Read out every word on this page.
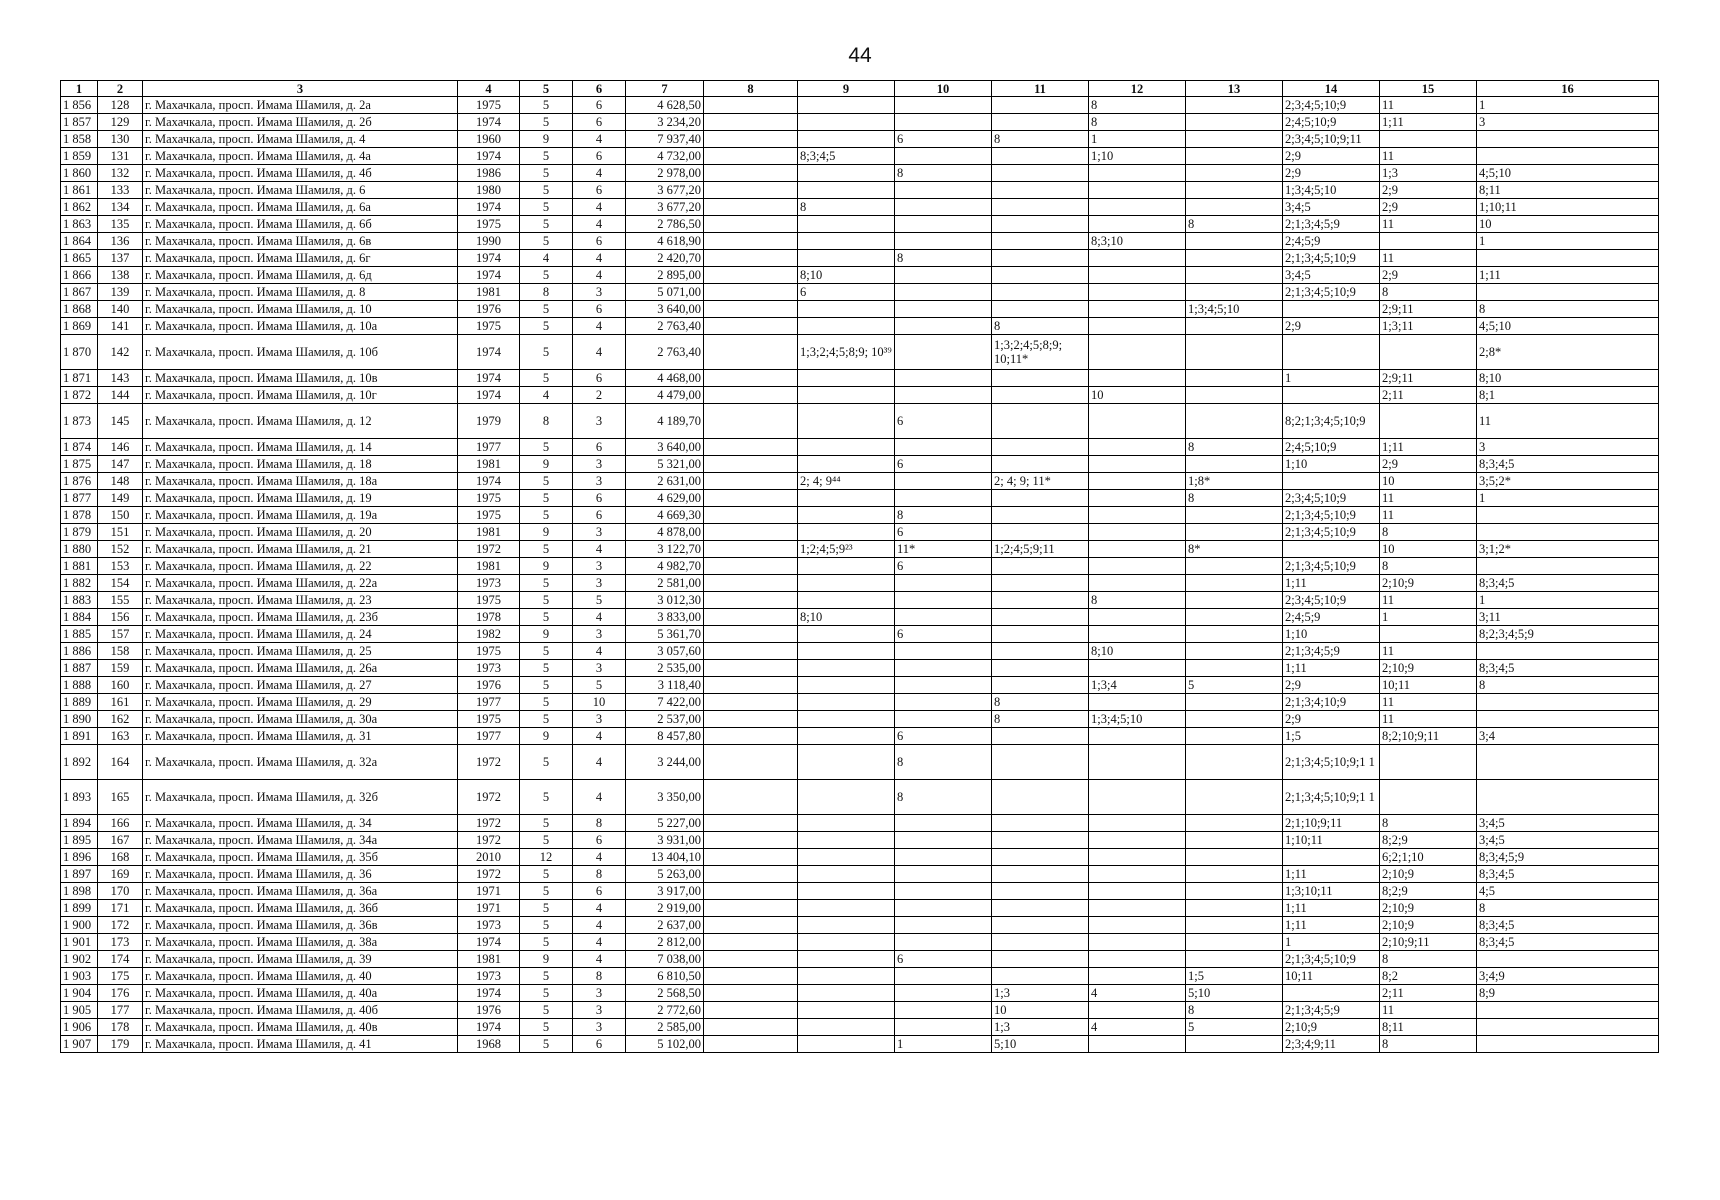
44
1	2	3	4	5	6	7	8	9	10	11	12	13	14	15	16
1 856	128	г. Махачкала, просп. Имама Шамиля, д. 2а	1975	5	6	4 628,50					8		2;3;4;5;10;9	11	1
1 857	129	г. Махачкала, просп. Имама Шамиля, д. 2б	1974	5	6	3 234,20					8		2;4;5;10;9	1;11	3
1 858	130	г. Махачкала, просп. Имама Шамиля, д. 4	1960	9	4	7 937,40			6	8	1		2;3;4;5;10;9;11		
1 859	131	г. Махачкала, просп. Имама Шамиля, д. 4а	1974	5	6	4 732,00		8;3;4;5			1;10		2;9	11	
1 860	132	г. Махачкала, просп. Имама Шамиля, д. 4б	1986	5	4	2 978,00			8				2;9	1;3	4;5;10
1 861	133	г. Махачкала, просп. Имама Шамиля, д. 6	1980	5	6	3 677,20							1;3;4;5;10	2;9	8;11
1 862	134	г. Махачкала, просп. Имама Шамиля, д. 6а	1974	5	4	3 677,20		8					3;4;5	2;9	1;10;11
1 863	135	г. Махачкала, просп. Имама Шамиля, д. 6б	1975	5	4	2 786,50						8	2;1;3;4;5;9	11	10
1 864	136	г. Махачкала, просп. Имама Шамиля, д. 6в	1990	5	6	4 618,90					8;3;10		2;4;5;9		1
1 865	137	г. Махачкала, просп. Имама Шамиля, д. 6г	1974	4	4	2 420,70			8				2;1;3;4;5;10;9	11	
1 866	138	г. Махачкала, просп. Имама Шамиля, д. 6д	1974	5	4	2 895,00		8;10					3;4;5	2;9	1;11
1 867	139	г. Махачкала, просп. Имама Шамиля, д. 8	1981	8	3	5 071,00		6					2;1;3;4;5;10;9	8	
1 868	140	г. Махачкала, просп. Имама Шамиля, д. 10	1976	5	6	3 640,00						1;3;4;5;10		2;9;11	8
1 869	141	г. Махачкала, просп. Имама Шамиля, д. 10а	1975	5	4	2 763,40				8			2;9	1;3;11	4;5;10
1 870	142	г. Махачкала, просп. Имама Шамиля, д. 10б	1974	5	4	2 763,40		1;3;2;4;5;8;9; 10³⁹		1;3;2;4;5;8;9; 10;11*					2;8*
1 871	143	г. Махачкала, просп. Имама Шамиля, д. 10в	1974	5	6	4 468,00							1	2;9;11	8;10
1 872	144	г. Махачкала, просп. Имама Шамиля, д. 10г	1974	4	2	4 479,00					10			2;11	8;1
1 873	145	г. Махачкала, просп. Имама Шамиля, д. 12	1979	8	3	4 189,70			6				8;2;1;3;4;5;10;9		11
1 874	146	г. Махачкала, просп. Имама Шамиля, д. 14	1977	5	6	3 640,00						8	2;4;5;10;9	1;11	3
1 875	147	г. Махачкала, просп. Имама Шамиля, д. 18	1981	9	3	5 321,00			6				1;10	2;9	8;3;4;5
1 876	148	г. Махачкала, просп. Имама Шамиля, д. 18а	1974	5	3	2 631,00		2; 4; 9⁴⁴		2; 4; 9; 11*		1;8*		10	3;5;2*
1 877	149	г. Махачкала, просп. Имама Шамиля, д. 19	1975	5	6	4 629,00						8	2;3;4;5;10;9	11	1
1 878	150	г. Махачкала, просп. Имама Шамиля, д. 19а	1975	5	6	4 669,30			8				2;1;3;4;5;10;9	11	
1 879	151	г. Махачкала, просп. Имама Шамиля, д. 20	1981	9	3	4 878,00			6				2;1;3;4;5;10;9	8	
1 880	152	г. Махачкала, просп. Имама Шамиля, д. 21	1972	5	4	3 122,70		1;2;4;5;9²³	11*	1;2;4;5;9;11		8*		10	3;1;2*
1 881	153	г. Махачкала, просп. Имама Шамиля, д. 22	1981	9	3	4 982,70			6				2;1;3;4;5;10;9	8	
1 882	154	г. Махачкала, просп. Имама Шамиля, д. 22а	1973	5	3	2 581,00							1;11	2;10;9	8;3;4;5
1 883	155	г. Махачкала, просп. Имама Шамиля, д. 23	1975	5	5	3 012,30					8		2;3;4;5;10;9	11	1
1 884	156	г. Махачкала, просп. Имама Шамиля, д. 23б	1978	5	4	3 833,00		8;10					2;4;5;9	1	3;11
1 885	157	г. Махачкала, просп. Имама Шамиля, д. 24	1982	9	3	5 361,70			6				1;10		8;2;3;4;5;9
1 886	158	г. Махачкала, просп. Имама Шамиля, д. 25	1975	5	4	3 057,60					8;10		2;1;3;4;5;9	11	
1 887	159	г. Махачкала, просп. Имама Шамиля, д. 26а	1973	5	3	2 535,00							1;11	2;10;9	8;3;4;5
1 888	160	г. Махачкала, просп. Имама Шамиля, д. 27	1976	5	5	3 118,40					1;3;4	5	2;9	10;11	8
1 889	161	г. Махачкала, просп. Имама Шамиля, д. 29	1977	5	10	7 422,00				8			2;1;3;4;10;9	11	
1 890	162	г. Махачкала, просп. Имама Шамиля, д. 30а	1975	5	3	2 537,00				8	1;3;4;5;10		2;9	11	
1 891	163	г. Махачкала, просп. Имама Шамиля, д. 31	1977	9	4	8 457,80			6				1;5	8;2;10;9;11	3;4
1 892	164	г. Махачкала, просп. Имама Шамиля, д. 32а	1972	5	4	3 244,00			8				2;1;3;4;5;10;9;1 1		
1 893	165	г. Махачкала, просп. Имама Шамиля, д. 32б	1972	5	4	3 350,00			8				2;1;3;4;5;10;9;1 1		
1 894	166	г. Махачкала, просп. Имама Шамиля, д. 34	1972	5	8	5 227,00							2;1;10;9;11	8	3;4;5
1 895	167	г. Махачкала, просп. Имама Шамиля, д. 34а	1972	5	6	3 931,00							1;10;11	8;2;9	3;4;5
1 896	168	г. Махачкала, просп. Имама Шамиля, д. 35б	2010	12	4	13 404,10								6;2;1;10	8;3;4;5;9
1 897	169	г. Махачкала, просп. Имама Шамиля, д. 36	1972	5	8	5 263,00							1;11	2;10;9	8;3;4;5
1 898	170	г. Махачкала, просп. Имама Шамиля, д. 36а	1971	5	6	3 917,00							1;3;10;11	8;2;9	4;5
1 899	171	г. Махачкала, просп. Имама Шамиля, д. 36б	1971	5	4	2 919,00							1;11	2;10;9	8
1 900	172	г. Махачкала, просп. Имама Шамиля, д. 36в	1973	5	4	2 637,00							1;11	2;10;9	8;3;4;5
1 901	173	г. Махачкала, просп. Имама Шамиля, д. 38а	1974	5	4	2 812,00							1	2;10;9;11	8;3;4;5
1 902	174	г. Махачкала, просп. Имама Шамиля, д. 39	1981	9	4	7 038,00			6				2;1;3;4;5;10;9	8	
1 903	175	г. Махачкала, просп. Имама Шамиля, д. 40	1973	5	8	6 810,50						1;5	10;11	8;2	3;4;9
1 904	176	г. Махачкала, просп. Имама Шамиля, д. 40а	1974	5	3	2 568,50				1;3	4	5;10		2;11	8;9
1 905	177	г. Махачкала, просп. Имама Шамиля, д. 40б	1976	5	3	2 772,60				10		8	2;1;3;4;5;9	11	
1 906	178	г. Махачкала, просп. Имама Шамиля, д. 40в	1974	5	3	2 585,00				1;3	4	5	2;10;9	8;11	
1 907	179	г. Махачкала, просп. Имама Шамиля, д. 41	1968	5	6	5 102,00			1	5;10			2;3;4;9;11	8	
